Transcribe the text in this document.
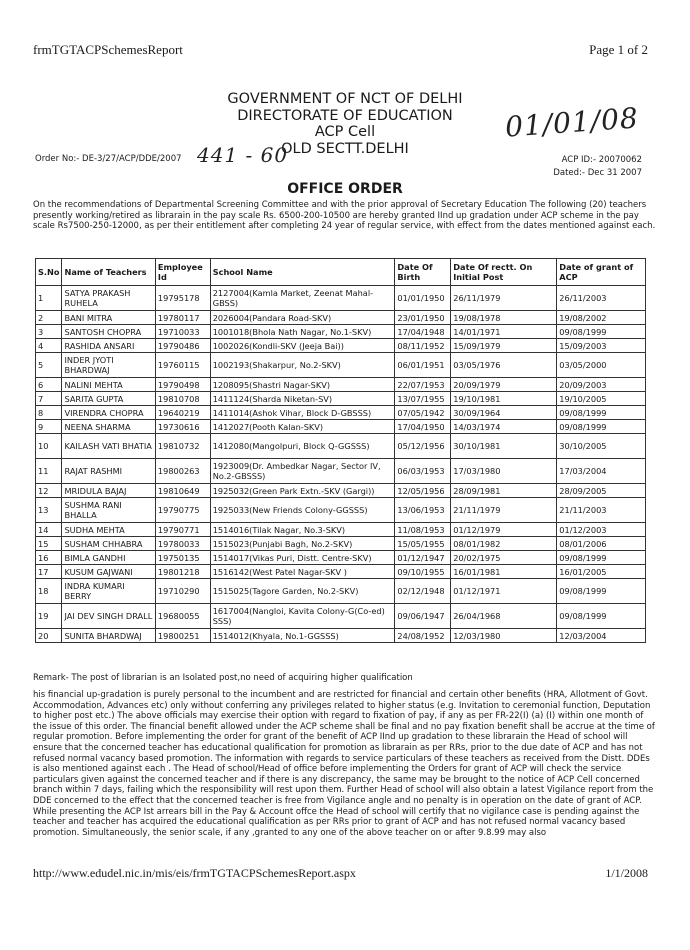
frmTGTACPSchemesReport	Page 1 of 2
GOVERNMENT OF NCT OF DELHI
DIRECTORATE OF EDUCATION
ACP Cell
OLD SECTT.DELHI
Order No:- DE-3/27/ACP/DDE/2007 441 - 60
01/01/08
ACP ID:- 20070062
Dated:- Dec 31 2007
OFFICE ORDER
On the recommendations of Departmental Screening Committee and with the prior approval of Secretary Education The following (20) teachers presently working/retired as librarain in the pay scale Rs. 6500-200-10500 are hereby granted IInd up gradation under ACP scheme in the pay scale Rs7500-250-12000, as per their entitlement after completing 24 year of regular service, with effect from the dates mentioned against each.
S.No	Name of Teachers	Employee Id	School Name	Date Of Birth	Date Of rectt. On Initial Post	Date of grant of ACP
1	SATYA PRAKASH RUHELA	19795178	2127004(Kamla Market, Zeenat Mahal-GBSS)	01/01/1950	26/11/1979	26/11/2003
2	BANI MITRA	19780117	2026004(Pandara Road-SKV)	23/01/1950	19/08/1978	19/08/2002
3	SANTOSH CHOPRA	19710033	1001018(Bhola Nath Nagar, No.1-SKV)	17/04/1948	14/01/1971	09/08/1999
4	RASHIDA ANSARI	19790486	1002026(Kondli-SKV (Jeeja Bai))	08/11/1952	15/09/1979	15/09/2003
5	INDER JYOTI BHARDWAJ	19760115	1002193(Shakarpur, No.2-SKV)	06/01/1951	03/05/1976	03/05/2000
6	NALINI MEHTA	19790498	1208095(Shastri Nagar-SKV)	22/07/1953	20/09/1979	20/09/2003
7	SARITA GUPTA	19810708	1411124(Sharda Niketan-SV)	13/07/1955	19/10/1981	19/10/2005
8	VIRENDRA CHOPRA	19640219	1411014(Ashok Vihar, Block D-GBSSS)	07/05/1942	30/09/1964	09/08/1999
9	NEENA SHARMA	19730616	1412027(Pooth Kalan-SKV)	17/04/1950	14/03/1974	09/08/1999
10	KAILASH VATI BHATIA	19810732	1412080(Mangolpuri, Block Q-GGSSS)	05/12/1956	30/10/1981	30/10/2005
11	RAJAT RASHMI	19800263	1923009(Dr. Ambedkar Nagar, Sector IV, No.2-GBSSS)	06/03/1953	17/03/1980	17/03/2004
12	MRIDULA BAJAJ	19810649	1925032(Green Park Extn.-SKV (Gargi))	12/05/1956	28/09/1981	28/09/2005
13	SUSHMA RANI BHALLA	19790775	1925033(New Friends Colony-GGSSS)	13/06/1953	21/11/1979	21/11/2003
14	SUDHA MEHTA	19790771	1514016(Tilak Nagar, No.3-SKV)	11/08/1953	01/12/1979	01/12/2003
15	SUSHAM CHHABRA	19780033	1515023(Punjabi Bagh, No.2-SKV)	15/05/1955	08/01/1982	08/01/2006
16	BIMLA GANDHI	19750135	1514017(Vikas Puri, Distt. Centre-SKV)	01/12/1947	20/02/1975	09/08/1999
17	KUSUM GAJWANI	19801218	1516142(West Patel Nagar-SKV )	09/10/1955	16/01/1981	16/01/2005
18	INDRA KUMARI BERRY	19710290	1515025(Tagore Garden, No.2-SKV)	02/12/1948	01/12/1971	09/08/1999
19	JAI DEV SINGH DRALL	19680055	1617004(Nangloi, Kavita Colony-G(Co-ed) SSS)	09/06/1947	26/04/1968	09/08/1999
20	SUNITA BHARDWAJ	19800251	1514012(Khyala, No.1-GGSSS)	24/08/1952	12/03/1980	12/03/2004
Remark- The post of librarian is an Isolated post,no need of acquiring higher qualification
his financial up-gradation is purely personal to the incumbent and are restricted for financial and certain other benefits (HRA, Allotment of Govt. Accommodation, Advances etc) only without conferring any privileges related to higher status (e.g. Invitation to ceremonial function, Deputation to higher post etc.) The above officials may exercise their option with regard to fixation of pay, if any as per FR-22(I) (a) (I) within one month of the issue of this order. The financial benefit allowed under the ACP scheme shall be final and no pay fixation benefit shall be accrue at the time of regular promotion. Before implementing the order for grant of the benefit of ACP IInd up gradation to these librarain the Head of school will ensure that the concerned teacher has educational qualification for promotion as librarain as per RRs, prior to the due date of ACP and has not refused normal vacancy based promotion. The information with regards to service particulars of these teachers as received from the Distt. DDEs is also mentioned against each . The Head of school/Head of office before implementing the Orders for grant of ACP will check the service particulars given against the concerned teacher and if there is any discrepancy, the same may be brought to the notice of ACP Cell concerned branch within 7 days, failing which the responsibility will rest upon them. Further Head of school will also obtain a latest Vigilance report from the DDE concerned to the effect that the concerned teacher is free from Vigilance angle and no penalty is in operation on the date of grant of ACP. While presenting the ACP Ist arrears bill in the Pay & Account offce the Head of school will certify that no vigilance case is pending against the teacher and teacher has acquired the educational qualification as per RRs prior to grant of ACP and has not refused normal vacancy based promotion. Simultaneously, the senior scale, if any ,granted to any one of the above teacher on or after 9.8.99 may also
http://www.edudel.nic.in/mis/eis/frmTGTACPSchemesReport.aspx	1/1/2008
